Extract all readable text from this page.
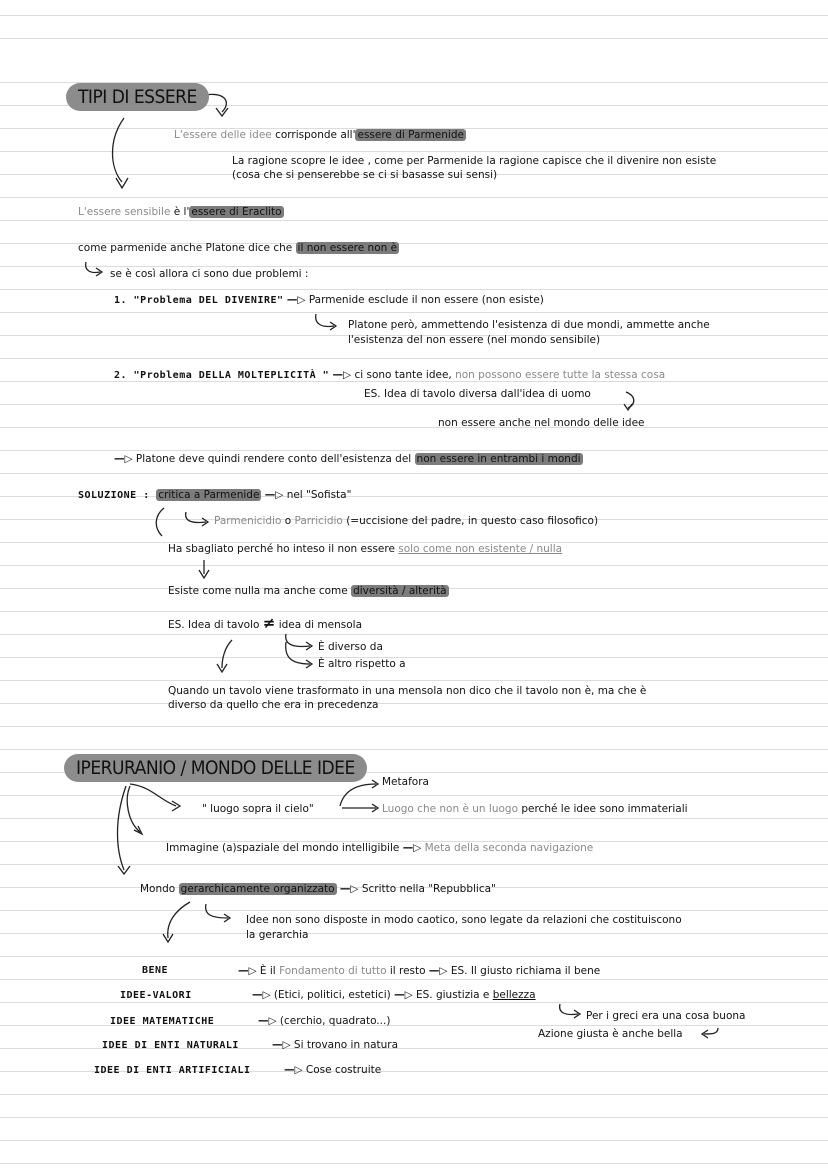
TIPI DI ESSERE
L'essere delle idee corrisponde all' essere di Parmenide
La ragione scopre le idee , come per Parmenide la ragione capisce che il divenire non esiste
(cosa che si penserebbe se ci si basasse sui sensi)
L'essere sensibile è l' essere di Eraclito
come parmenide anche Platone dice che il non essere non è
se è così allora ci sono due problemi :
1. "Problema DEL DIVENIRE" —▷ Parmenide esclude il non essere (non esiste)
Platone però, ammettendo l'esistenza di due mondi, ammette anche
l'esistenza del non essere (nel mondo sensibile)
2. "Problema DELLA MOLTEPLICITÀ " —▷ ci sono tante idee, non possono essere tutte la stessa cosa
ES. Idea di tavolo diversa dall'idea di uomo
non essere anche nel mondo delle idee
—▷ Platone deve quindi rendere conto dell'esistenza del non essere in entrambi i mondi
SOLUZIONE : critica a Parmenide —▷ nel "Sofista"
Parmenicidio o Parricidio (=uccisione del padre, in questo caso filosofico)
Ha sbagliato perché ho inteso il non essere solo come non esistente / nulla
Esiste come nulla ma anche come diversità / alterità
ES. Idea di tavolo ≠ idea di mensola
È diverso da
È altro rispetto a
Quando un tavolo viene trasformato in una mensola non dico che il tavolo non è, ma che è
diverso da quello che era in precedenza
IPERURANIO / MONDO DELLE IDEE
Metafora
" luogo sopra il cielo"	Luogo che non è un luogo perché le idee sono immateriali
Immagine (a)spaziale del mondo intelligibile —▷ Meta della seconda navigazione
Mondo gerarchicamente organizzato —▷ Scritto nella "Repubblica"
Idee non sono disposte in modo caotico, sono legate da relazioni che costituiscono
la gerarchia
BENE	—▷ È il Fondamento di tutto il resto —▷ ES. Il giusto richiama il bene
IDEE-VALORI	—▷ (Etici, politici, estetici) —▷ ES. giustizia e bellezza
Per i greci era una cosa buona
Azione giusta è anche bella
IDEE MATEMATICHE	—▷ (cerchio, quadrato...)
IDEE DI ENTI NATURALI	—▷ Si trovano in natura
IDEE DI ENTI ARTIFICIALI	—▷ Cose costruite
